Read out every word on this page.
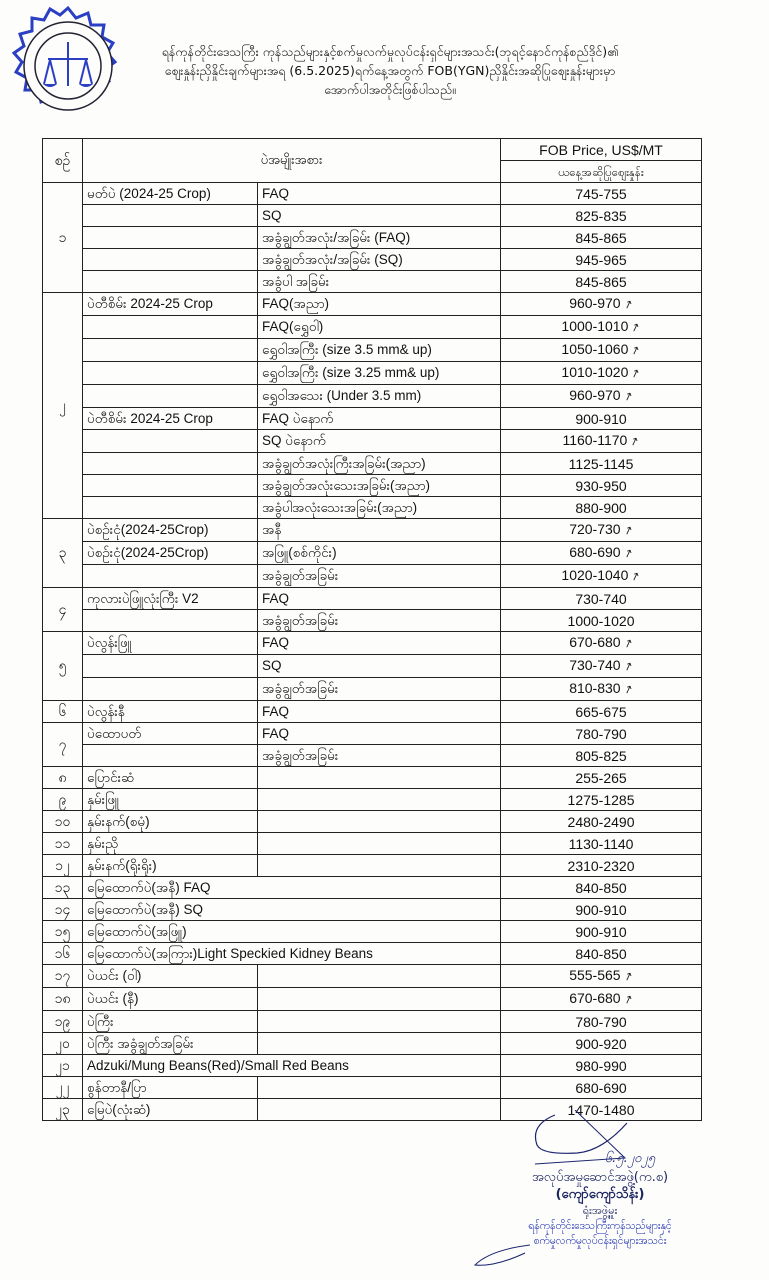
ရန်ကုန်တိုင်းဒေသကြီး ကုန်သည်များနှင့်စက်မှုလက်မှုလုပ်ငန်းရှင်များအသင်း(ဘုရင့်နောင်ကုန်စည်ဒိုင်)၏
ဈေးနှုန်းညှိနှိုင်းချက်များအရ (6.5.2025)ရက်နေ့အတွက် FOB(YGN)ညှိနှိုင်းအဆိုပြုဈေးနှုန်းများမှာ
အောက်ပါအတိုင်းဖြစ်ပါသည်။
စဉ်	ပဲအမျိုးအစား		FOB Price, US$/MT
			ယနေ့အဆိုပြုဈေးနှုန်း
၁	မတ်ပဲ (2024-25 Crop)	FAQ	745-755
		SQ	825-835
		အခွံချွတ်အလုံး/အခြမ်း (FAQ)	845-865
		အခွံချွတ်အလုံး/အခြမ်း (SQ)	945-965
		အခွံပါ အခြမ်း	845-865
၂	ပဲတီစိမ်း 2024-25 Crop	FAQ(အညာ)	960-970↗
		FAQ(ရွှေဝါ)	1000-1010↗
		ရွှေဝါအကြီး (size 3.5 mm& up)	1050-1060↗
		ရွှေဝါအကြီး (size 3.25 mm& up)	1010-1020↗
		ရွှေဝါအသေး (Under 3.5 mm)	960-970↗
	ပဲတီစိမ်း 2024-25 Crop	FAQ ပဲနောက်	900-910
		SQ ပဲနောက်	1160-1170↗
		အခွံချွတ်အလုံးကြီးအခြမ်း(အညာ)	1125-1145
		အခွံချွတ်အလုံးသေးအခြမ်း(အညာ)	930-950
		အခွံပါအလုံးသေးအခြမ်း(အညာ)	880-900
၃	ပဲစဉ်းငုံ(2024-25Crop)	အနီ	720-730↗
	ပဲစဉ်းငုံ(2024-25Crop)	အဖြူ(စစ်ကိုင်း)	680-690↗
		အခွံချွတ်အခြမ်း	1020-1040↗
၄	ကုလားပဲဖြူလုံးကြီး V2	FAQ	730-740
		အခွံချွတ်အခြမ်း	1000-1020
၅	ပဲလွန်းဖြူ	FAQ	670-680↗
		SQ	730-740↗
		အခွံချွတ်အခြမ်း	810-830↗
၆	ပဲလွန်းနီ	FAQ	665-675
၇	ပဲထောပတ်	FAQ	780-790
		အခွံချွတ်အခြမ်း	805-825
၈	ပြောင်းဆံ		255-265
၉	နှမ်းဖြူ		1275-1285
၁၀	နှမ်းနက်(စမုံ)		2480-2490
၁၁	နှမ်းညို		1130-1140
၁၂	နှမ်းနက်(ရိုးရိုး)		2310-2320
၁၃	မြေထောက်ပဲ(အနီ) FAQ		840-850
၁၄	မြေထောက်ပဲ(အနီ) SQ		900-910
၁၅	မြေထောက်ပဲ(အဖြူ)		900-910
၁၆	မြေထောက်ပဲ(အကြား)Light Speckied Kidney Beans		840-850
၁၇	ပဲယင်း (ဝါ)		555-565↗
၁၈	ပဲယင်း (နီ)		670-680↗
၁၉	ပဲကြီး		780-790
၂၀	ပဲကြီး အခွံချွတ်အခြမ်း		900-920
၂၁	Adzuki/Mung Beans(Red)/Small Red Beans		980-990
၂၂	စွန်တာနီ/ပြာ		680-690
၂၃	မြေပဲ(လုံးဆံ)		1470-1480
၆.၅.၂၀၂၅
အလုပ်အမှုဆောင်အဖွဲ့(က.စ)
(ကျော်ကျော်သိန်း)
ရုံးအဖွဲ့မှူး
ရန်ကုန်တိုင်းဒေသကြီးကုန်သည်များနှင့်
စက်မှုလက်မှုလုပ်ငန်းရှင်များအသင်း
